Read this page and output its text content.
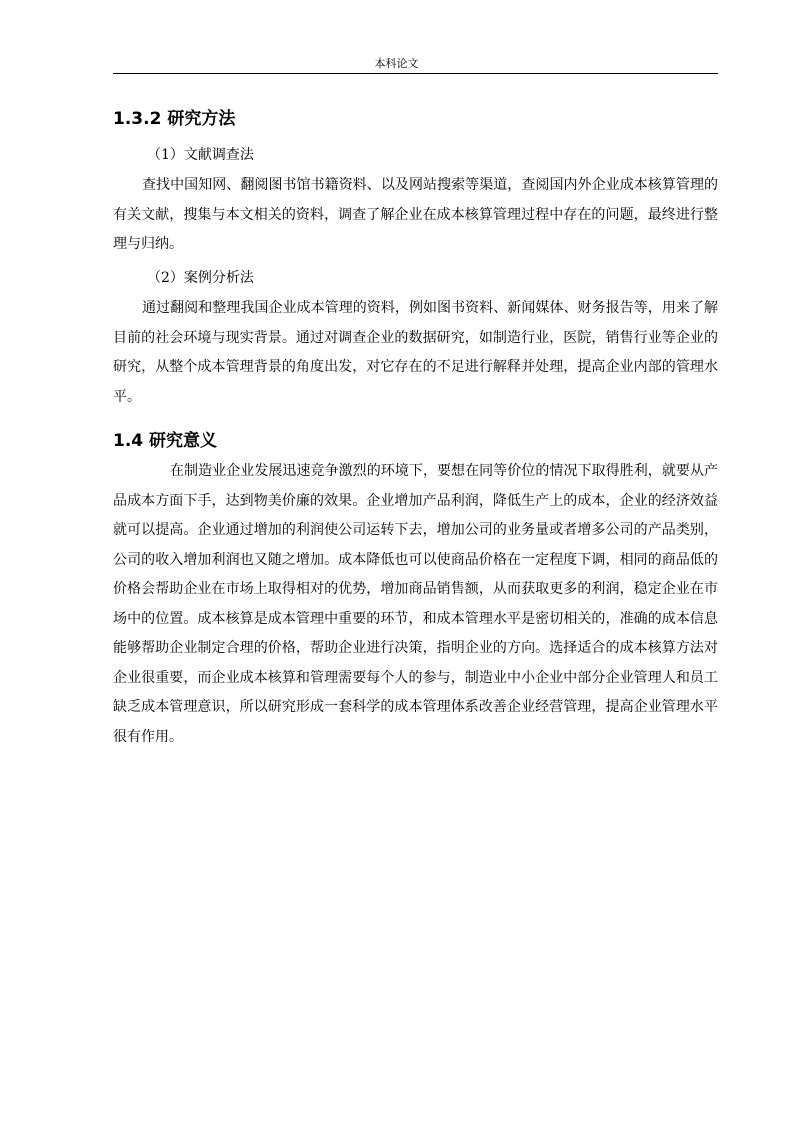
本科论文
1.3.2 研究方法
（1）文献调查法

查找中国知网、翻阅图书馆书籍资料、以及网站搜索等渠道，查阅国内外企业成本核算管理的有关文献，搜集与本文相关的资料，调查了解企业在成本核算管理过程中存在的问题，最终进行整理与归纳。

（2）案例分析法

通过翻阅和整理我国企业成本管理的资料，例如图书资料、新闻媒体、财务报告等，用来了解目前的社会环境与现实背景。通过对调查企业的数据研究，如制造行业，医院，销售行业等企业的研究，从整个成本管理背景的角度出发，对它存在的不足进行解释并处理，提高企业内部的管理水平。

1.4 研究意义

在制造业企业发展迅速竞争激烈的环境下，要想在同等价位的情况下取得胜利，就要从产品成本方面下手，达到物美价廉的效果。企业增加产品利润，降低生产上的成本，企业的经济效益就可以提高。企业通过增加的利润使公司运转下去，增加公司的业务量或者增多公司的产品类别，公司的收入增加利润也又随之增加。成本降低也可以使商品价格在一定程度下调，相同的商品低的价格会帮助企业在市场上取得相对的优势，增加商品销售额，从而获取更多的利润，稳定企业在市场中的位置。成本核算是成本管理中重要的环节，和成本管理水平是密切相关的，准确的成本信息能够帮助企业制定合理的价格，帮助企业进行决策，指明企业的方向。选择适合的成本核算方法对企业很重要，而企业成本核算和管理需要每个人的参与，制造业中小企业中部分企业管理人和员工缺乏成本管理意识，所以研究形成一套科学的成本管理体系改善企业经营管理，提高企业管理水平很有作用。
